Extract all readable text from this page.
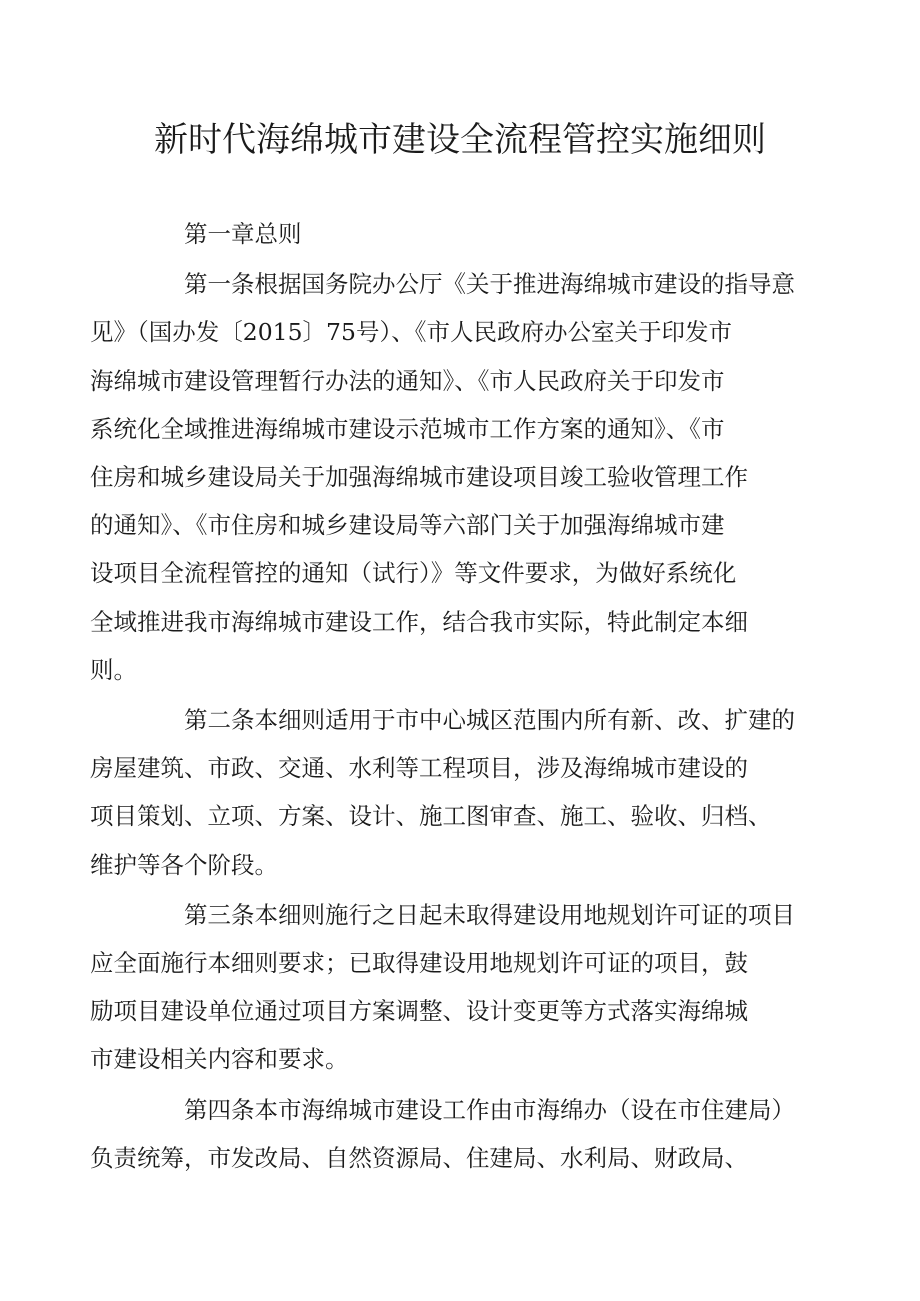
新时代海绵城市建设全流程管控实施细则
第一章总则
第一条根据国务院办公厅《关于推进海绵城市建设的指导意
见》（国办发〔2015〕75号）、《市人民政府办公室关于印发市
海绵城市建设管理暂行办法的通知》、《市人民政府关于印发市
系统化全域推进海绵城市建设示范城市工作方案的通知》、《市
住房和城乡建设局关于加强海绵城市建设项目竣工验收管理工作
的通知》、《市住房和城乡建设局等六部门关于加强海绵城市建
设项目全流程管控的通知（试行）》等文件要求，为做好系统化
全域推进我市海绵城市建设工作，结合我市实际，特此制定本细
则。
第二条本细则适用于市中心城区范围内所有新、改、扩建的
房屋建筑、市政、交通、水利等工程项目，涉及海绵城市建设的
项目策划、立项、方案、设计、施工图审查、施工、验收、归档、
维护等各个阶段。
第三条本细则施行之日起未取得建设用地规划许可证的项目
应全面施行本细则要求；已取得建设用地规划许可证的项目，鼓
励项目建设单位通过项目方案调整、设计变更等方式落实海绵城
市建设相关内容和要求。
第四条本市海绵城市建设工作由市海绵办（设在市住建局）
负责统筹，市发改局、自然资源局、住建局、水利局、财政局、
